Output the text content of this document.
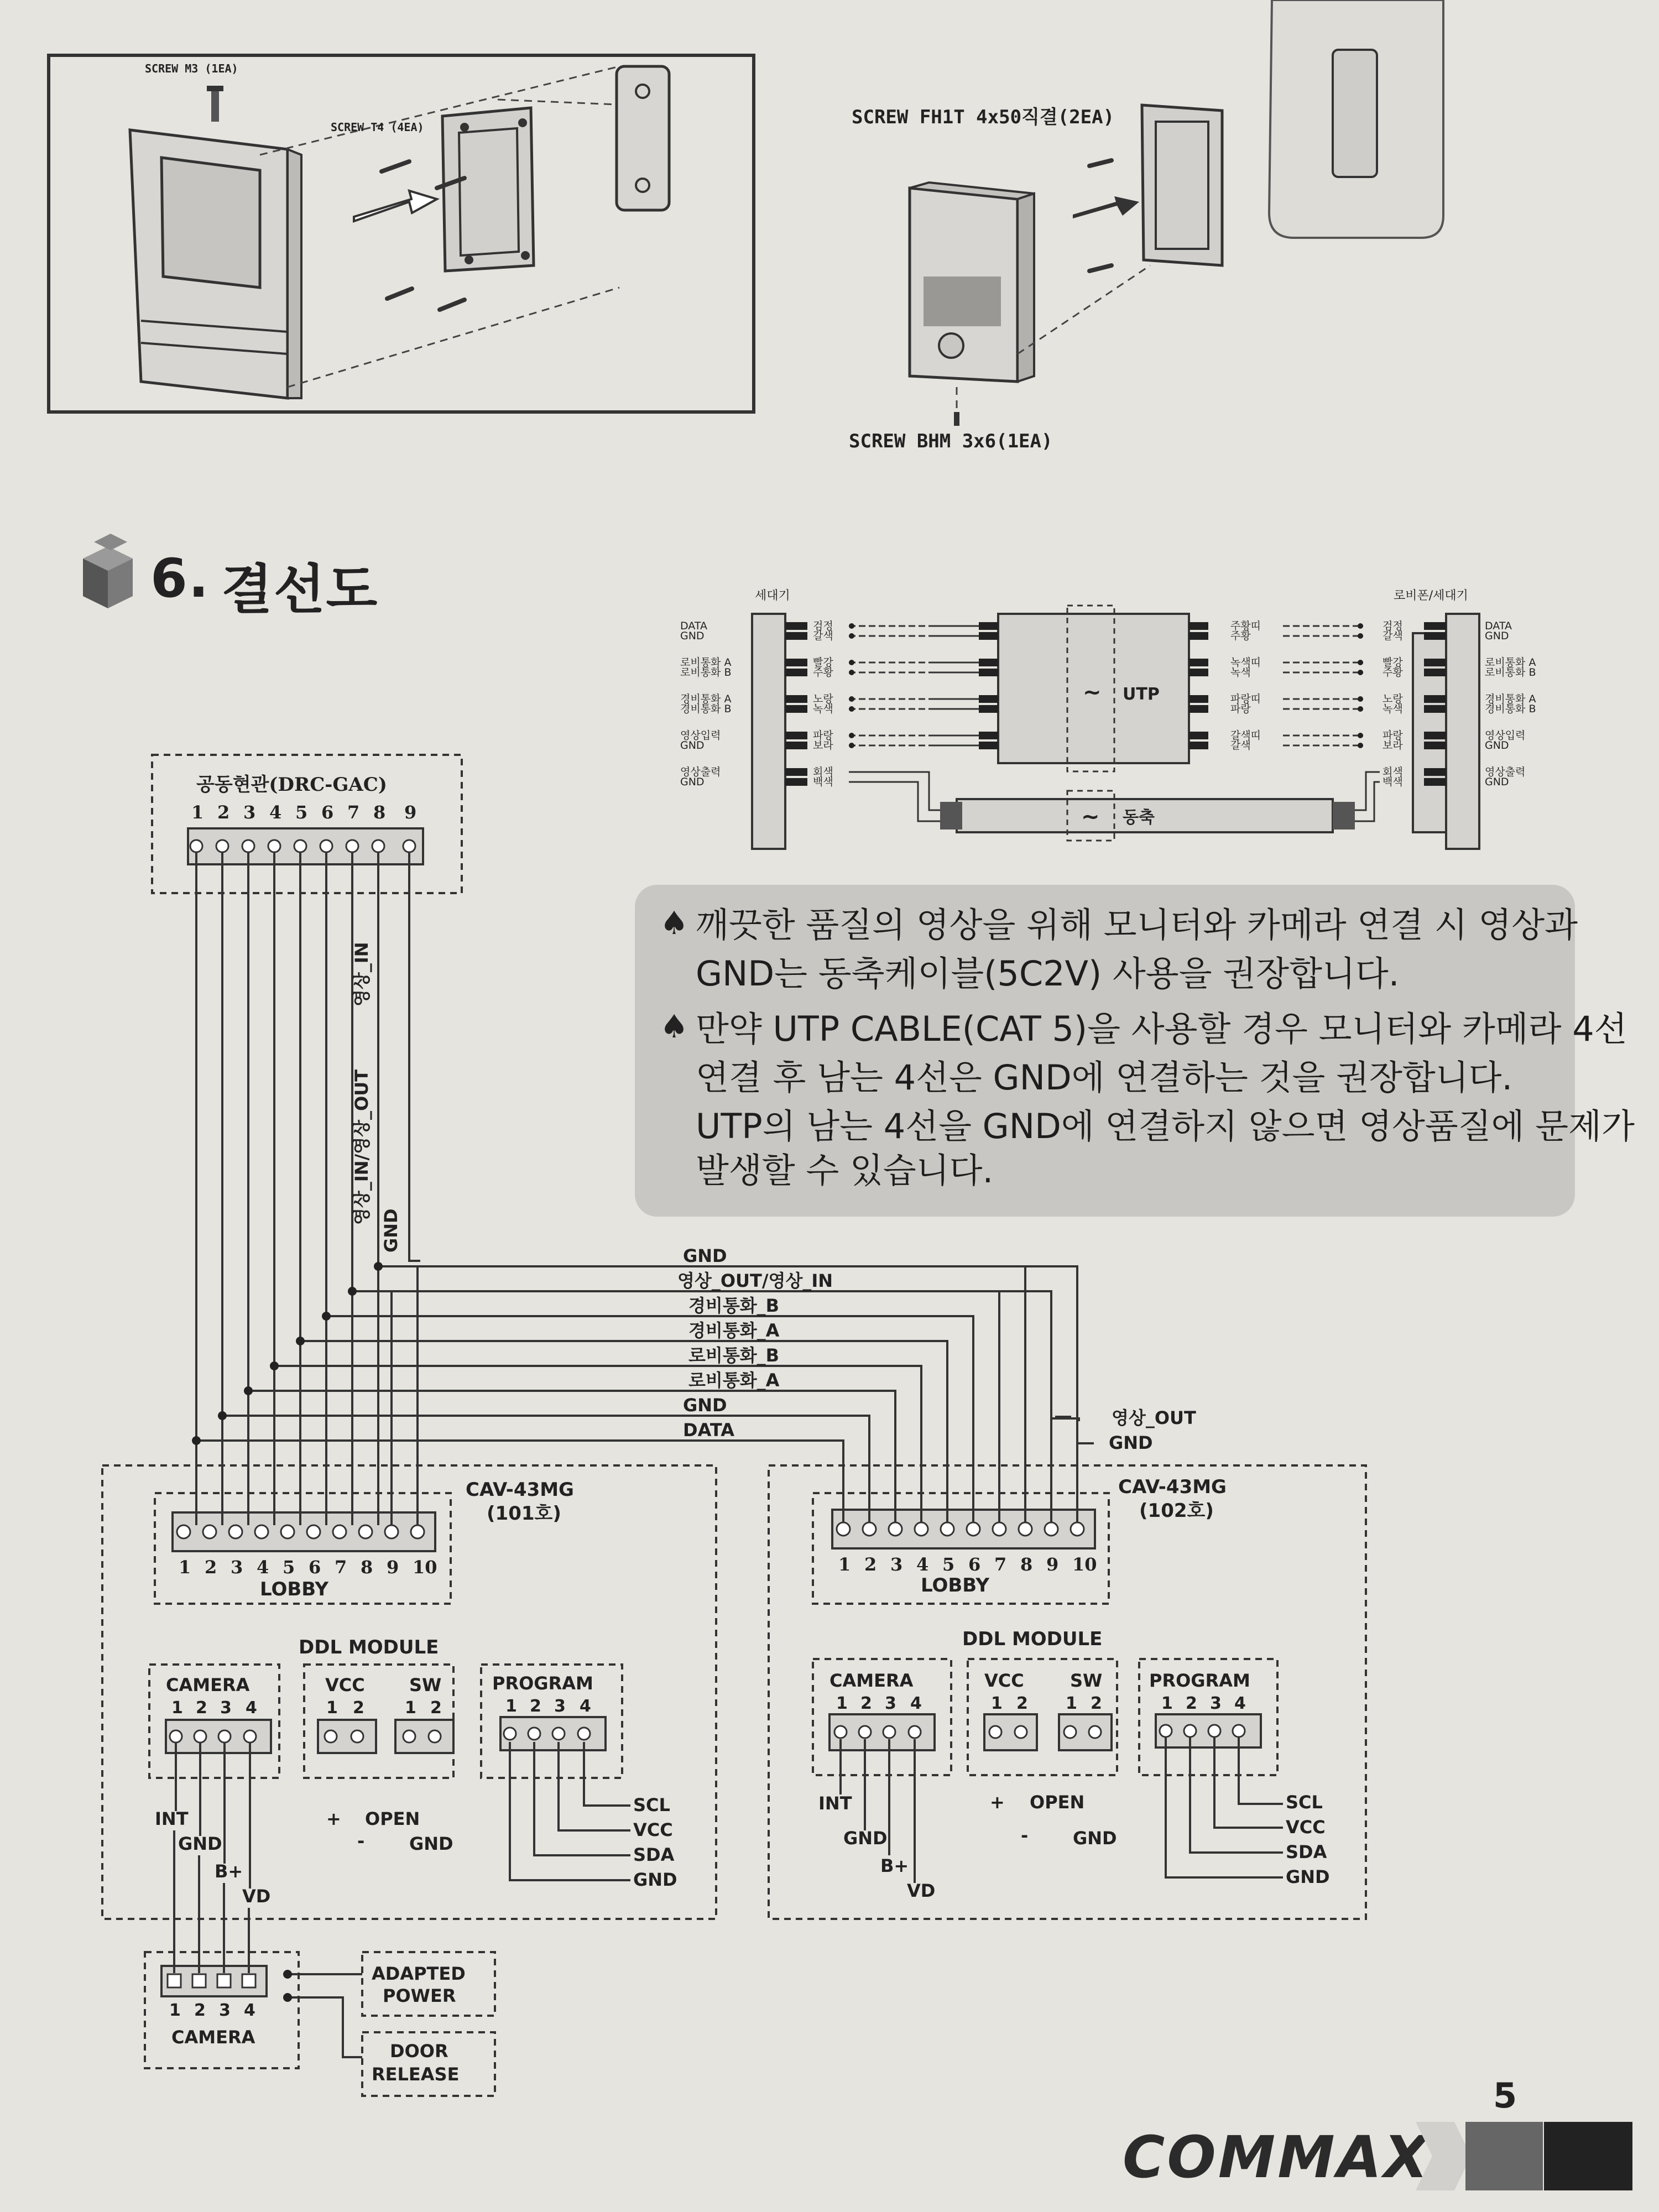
SCREW M3 (1EA)
SCREW T4 (4EA)	SCREW FH1T 4x50직결(2EA)
SCREW BHM 3x6(1EA)
6. 결선도	세대기	로비폰/세대기
~ UTP
~ 동축
DATA	검정	검정	DATA
GND	갈색	갈색	GND
로비통화 A	빨강	빨강	로비통화 A
로비통화 B	주황	주황	로비통화 B
경비통화 A	노랑	노랑	경비통화 A
경비통화 B	녹색	녹색	경비통화 B
영상입력	파랑	파랑	영상입력
GND	보라	보라	GND
영상출력	회색	회색	영상출력
GND	백색	백색	GND
주황띠
주황
녹색띠
녹색
파랑띠
파랑
갈색띠
갈색
♠ 깨끗한 품질의 영상을 위해 모니터와 카메라 연결 시 영상과
GND는 동축케이블(5C2V) 사용을 권장합니다.
♠ 만약 UTP CABLE(CAT 5)을 사용할 경우 모니터와 카메라 4선
연결 후 남는 4선은 GND에 연결하는 것을 권장합니다.
UTP의 남는 4선을 GND에 연결하지 않으면 영상품질에 문제가
발생할 수 있습니다.
공동현관(DRC-GAC)
1 2 3 4 5 6 7 8 9
1 2 3 4 5 6 7 8 9 10	1 2 3 4 5 6 7 8 9 10
GND
영상_OUT/영상_IN
경비통화_B
경비통화_A
로비통화_B
로비통화_A
GND
DATA
영상_OUT
GND
영상_IN
영상_IN/영상_OUT
GND
CAV-43MG
(101호)
CAV-43MG
(102호)
LOBBY	LOBBY
DDL MODULE	DDL MODULE
CAMERA
1 2 3 4
VCC
1 2
SW
1 2
PROGRAM
1 2 3 4
CAMERA
1 2 3 4
VCC
1 2
SW
1 2
PROGRAM
1 2 3 4
INT
GND
B+
VD
+
-
OPEN
GND
SCL
VCC
SDA
GND
INT
GND
B+
VD
+
-
OPEN
GND
SCL
VCC
SDA
GND
1 2 3 4
CAMERA
ADAPTED
POWER
DOOR
RELEASE
5
COMMAX
